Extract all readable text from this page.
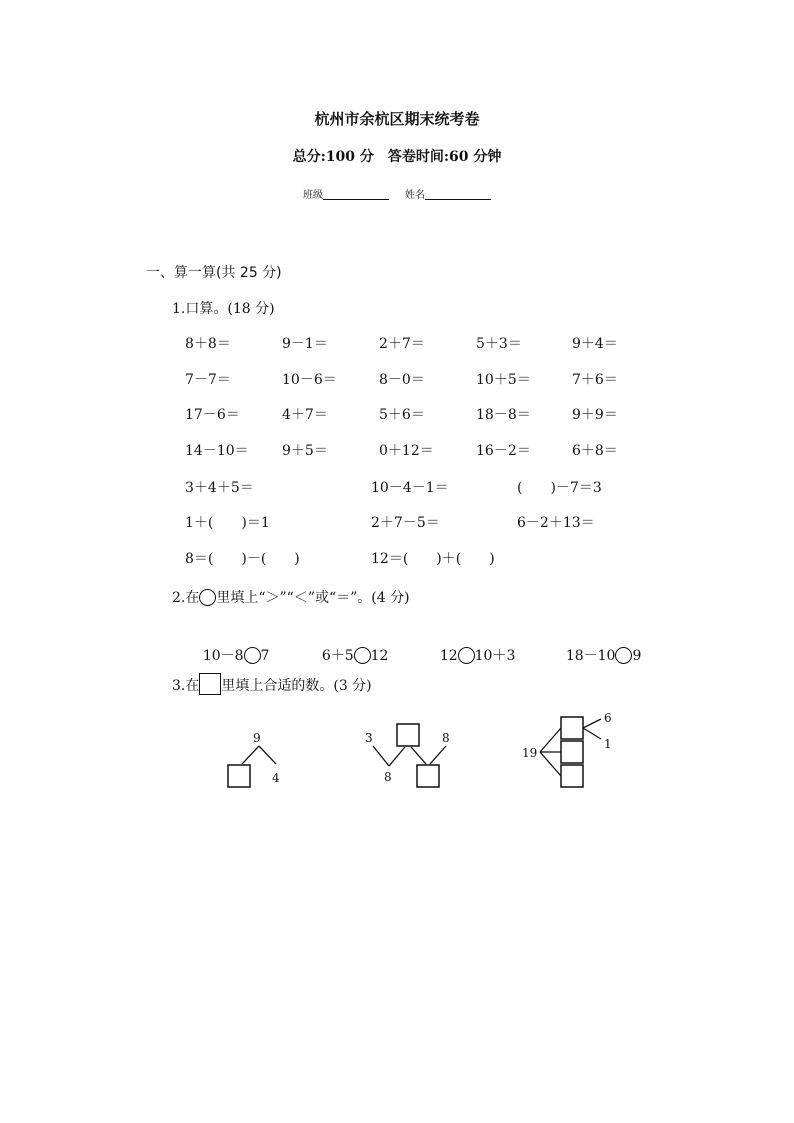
杭州市余杭区期末统考卷
总分:100 分　答卷时间:60 分钟
班级	姓名
一、算一算(共 25 分)
1.口算。(18 分)
8＋8＝	9－1＝	2＋7＝	5＋3＝	9＋4＝
7－7＝	10－6＝	8－0＝	10＋5＝	7＋6＝
17－6＝	4＋7＝	5＋6＝	18－8＝	9＋9＝
14－10＝ 9＋5＝	0＋12＝	16－2＝	6＋8＝
3＋4＋5＝	10－4－1＝	(　　)－7＝3
1＋(　　)＝1	2＋7－5＝	6－2＋13＝
8＝(　　)－(　　)	12＝(　　)＋(　　)
2.在 里填上“＞”“＜”或“＝”。(4 分)

10－8 7
	6＋5 12
	12 10＋3
	18－10 9

3.在 里填上合适的数。(3 分)
9
4
3	8
8
19
6
1
